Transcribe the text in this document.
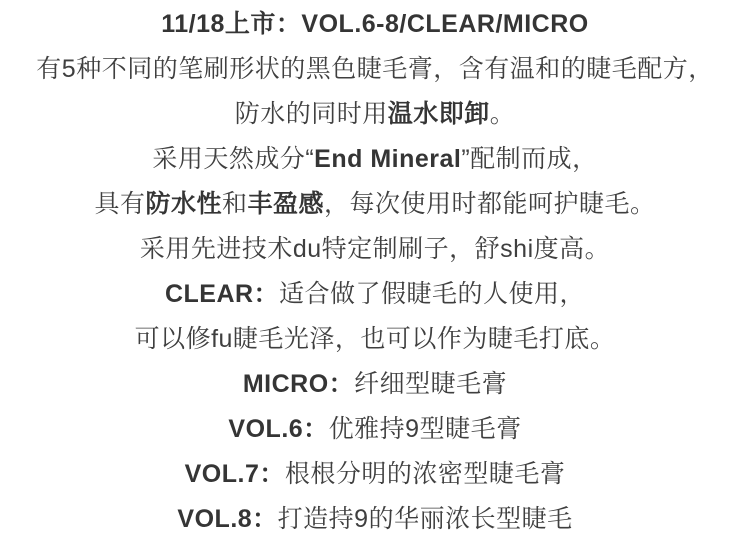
11/18上市：VOL.6-8/CLEAR/MICRO

有5种不同的笔刷形状的黑色睫毛膏，含有温和的睫毛配方，

防水的同时用温水即卸。

采用天然成分“End Mineral”配制而成，

具有防水性和丰盈感，每次使用时都能呵护睫毛。

采用先进技术du特定制刷子，舒shi度高。

CLEAR：适合做了假睫毛的人使用，

可以修fu睫毛光泽，也可以作为睫毛打底。

MICRO：纤细型睫毛膏

VOL.6：优雅持9型睫毛膏

VOL.7：根根分明的浓密型睫毛膏

VOL.8：打造持9的华丽浓长型睫毛
